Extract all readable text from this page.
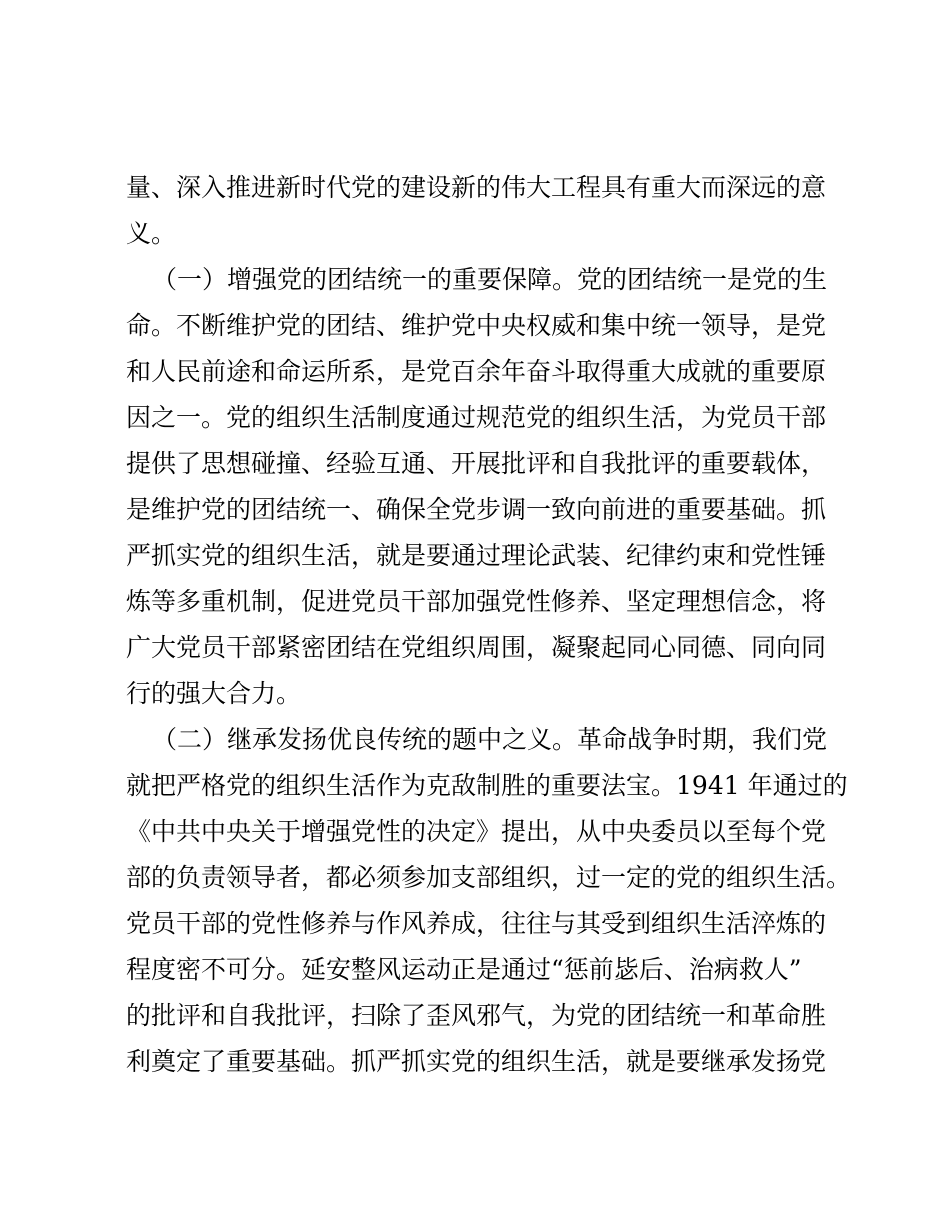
量、深入推进新时代党的建设新的伟大工程具有重大而深远的意
义。
（一）增强党的团结统一的重要保障。党的团结统一是党的生
命。不断维护党的团结、维护党中央权威和集中统一领导，是党
和人民前途和命运所系，是党百余年奋斗取得重大成就的重要原
因之一。党的组织生活制度通过规范党的组织生活，为党员干部
提供了思想碰撞、经验互通、开展批评和自我批评的重要载体，
是维护党的团结统一、确保全党步调一致向前进的重要基础。抓
严抓实党的组织生活，就是要通过理论武装、纪律约束和党性锤
炼等多重机制，促进党员干部加强党性修养、坚定理想信念，将
广大党员干部紧密团结在党组织周围，凝聚起同心同德、同向同
行的强大合力。
（二）继承发扬优良传统的题中之义。革命战争时期，我们党
就把严格党的组织生活作为克敌制胜的重要法宝。1941 年通过的
《中共中央关于增强党性的决定》提出，从中央委员以至每个党
部的负责领导者，都必须参加支部组织，过一定的党的组织生活。
党员干部的党性修养与作风养成，往往与其受到组织生活淬炼的
程度密不可分。延安整风运动正是通过“惩前毖后、治病救人”
的批评和自我批评，扫除了歪风邪气，为党的团结统一和革命胜
利奠定了重要基础。抓严抓实党的组织生活，就是要继承发扬党
